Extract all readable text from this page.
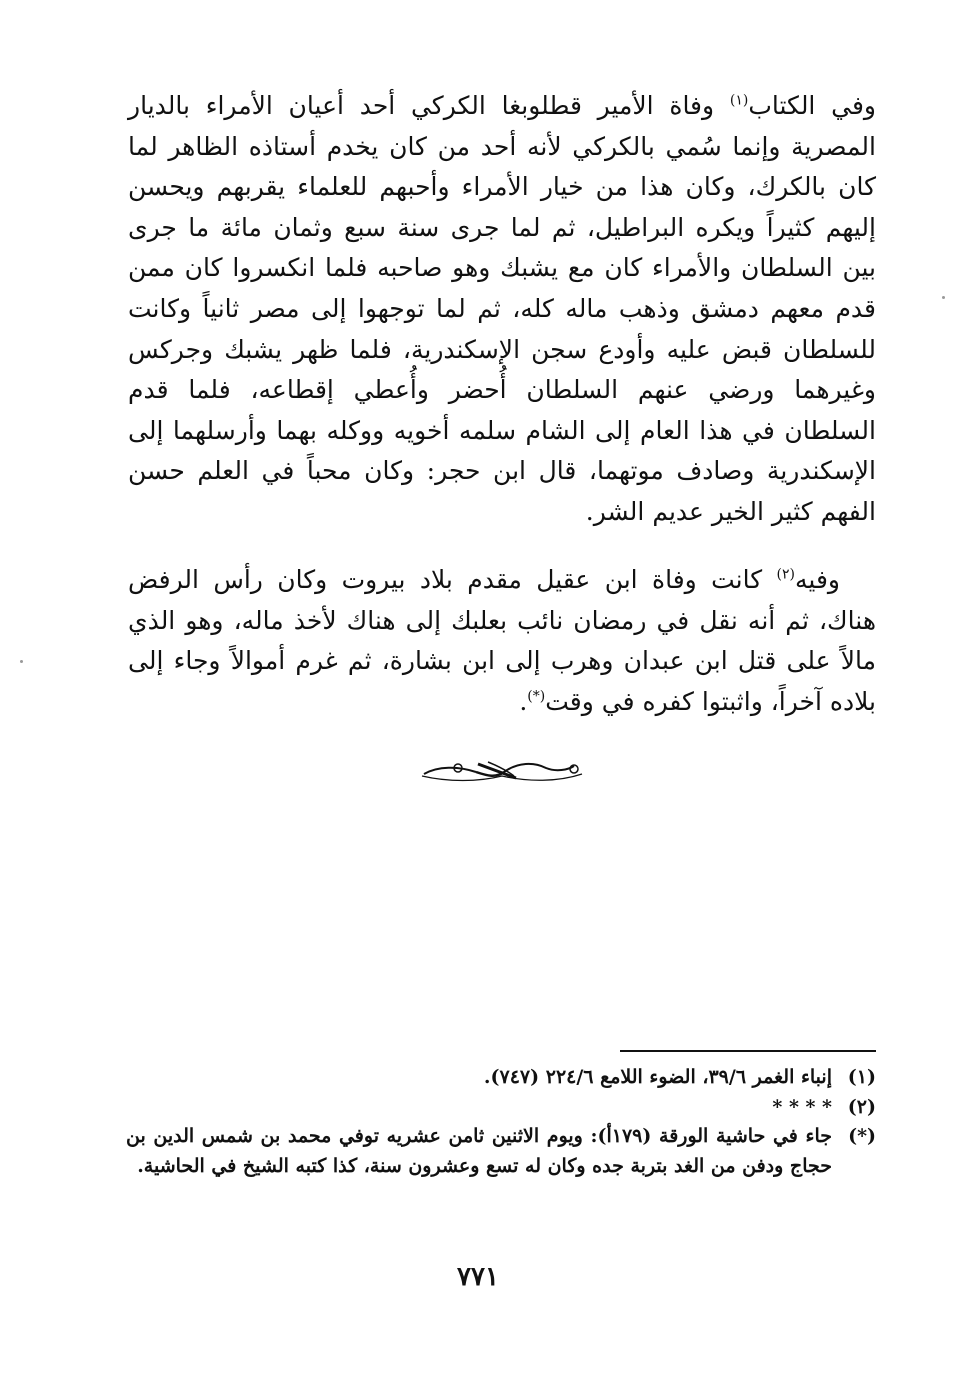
وفي الكتاب$^{(١)}$ وفاة الأمير قطلوبغا الكركي أحد أعيان الأمراء بالديار المصرية وإنما سُمي بالكركي لأنه أحد من كان يخدم أستاذه الظاهر لما كان بالكرك، وكان هذا من خيار الأمراء وأحبهم للعلماء يقربهم ويحسن إليهم كثيراً ويكره البراطيل، ثم لما جرى سنة سبع وثمان مائة ما جرى بين السلطان والأمراء كان مع يشبك وهو صاحبه فلما انكسروا كان ممن قدم معهم دمشق وذهب ماله كله، ثم لما توجهوا إلى مصر ثانياً وكانت للسلطان قبض عليه وأودع سجن الإسكندرية، فلما ظهر يشبك وجركس وغيرهما ورضي عنهم السلطان أُحضر وأُعطي إقطاعه، فلما قدم السلطان في هذا العام إلى الشام سلمه أخويه ووكله بهما وأرسلهما إلى الإسكندرية وصادف موتهما، قال ابن حجر: وكان محباً في العلم حسن الفهم كثير الخير عديم الشر.
وفيه$^{(٢)}$ كانت وفاة ابن عقيل مقدم بلاد بيروت وكان رأس الرفض هناك، ثم أنه نقل في رمضان نائب بعلبك إلى هناك لأخذ ماله، وهو الذي مالاً على قتل ابن عبدان وهرب إلى ابن بشارة، ثم غرم أموالاً وجاء إلى بلاده آخراً، واثبتوا كفره في وقت(*).
(١)
إنباء الغمر ٣٩/٦، الضوء اللامع ٢٢٤/٦ (٧٤٧).
(٢)
* * * *
(*)
جاء في حاشية الورقة (١٧٩أ): ويوم الاثنين ثامن عشريه توفي محمد بن شمس الدين بن حجاج ودفن من الغد بتربة جده وكان له تسع وعشرون سنة، كذا كتبه الشيخ في الحاشية.
٧٧١
